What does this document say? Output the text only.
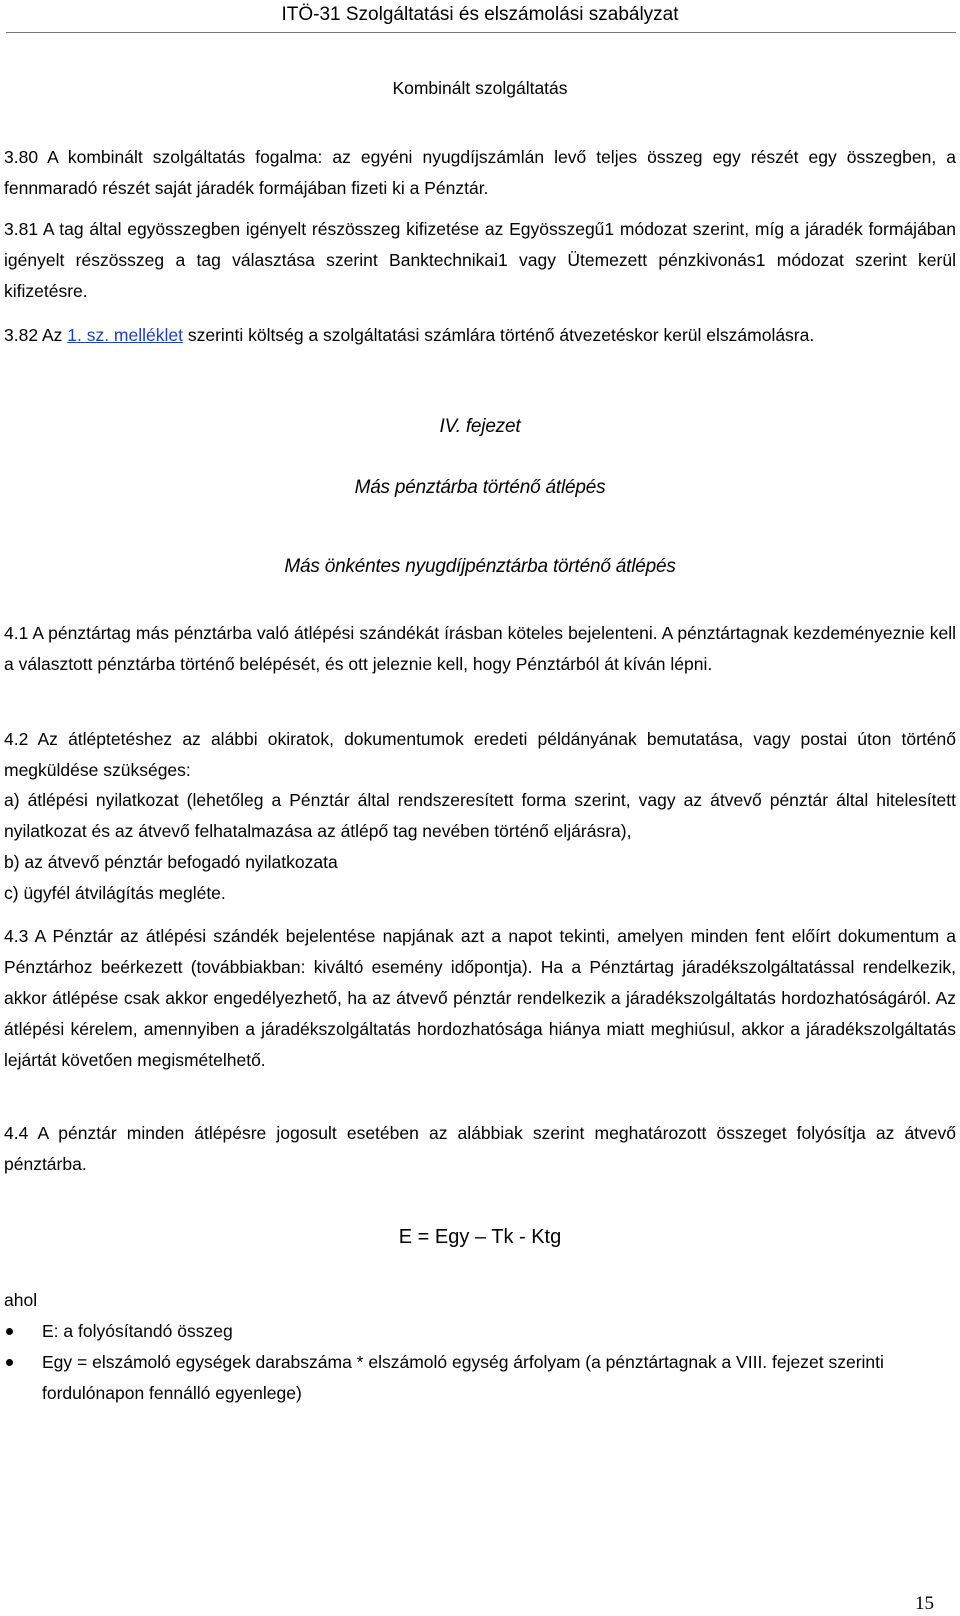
ITÖ-31 Szolgáltatási és elszámolási szabályzat
Kombinált szolgáltatás
3.80 A kombinált szolgáltatás fogalma: az egyéni nyugdíjszámlán levő teljes összeg egy részét egy összegben, a fennmaradó részét saját járadék formájában fizeti ki a Pénztár.
3.81 A tag által egyösszegben igényelt részösszeg kifizetése az Egyösszegű1 módozat szerint, míg a járadék formájában igényelt részösszeg a tag választása szerint Banktechnikai1 vagy Ütemezett pénzkivonás1 módozat szerint kerül kifizetésre.
3.82 Az 1. sz. melléklet szerinti költség a szolgáltatási számlára történő átvezetéskor kerül elszámolásra.
IV. fejezet
Más pénztárba történő átlépés
Más önkéntes nyugdíjpénztárba történő átlépés
4.1 A pénztártag más pénztárba való átlépési szándékát írásban köteles bejelenteni. A pénztártagnak kezdeményeznie kell a választott pénztárba történő belépését, és ott jeleznie kell, hogy Pénztárból át kíván lépni.
4.2 Az átléptetéshez az alábbi okiratok, dokumentumok eredeti példányának bemutatása, vagy postai úton történő megküldése szükséges:
a) átlépési nyilatkozat (lehetőleg a Pénztár által rendszeresített forma szerint, vagy az átvevő pénztár által hitelesített nyilatkozat és az átvevő felhatalmazása az átlépő tag nevében történő eljárásra),
b) az átvevő pénztár befogadó nyilatkozata
c) ügyfél átvilágítás megléte.
4.3 A Pénztár az átlépési szándék bejelentése napjának azt a napot tekinti, amelyen minden fent előírt dokumentum a Pénztárhoz beérkezett (továbbiakban: kiváltó esemény időpontja). Ha a Pénztártag járadékszolgáltatással rendelkezik, akkor átlépése csak akkor engedélyezhető, ha az átvevő pénztár rendelkezik a járadékszolgáltatás hordozhatóságáról. Az átlépési kérelem, amennyiben a járadékszolgáltatás hordozhatósága hiánya miatt meghiúsul, akkor a járadékszolgáltatás lejártát követően megismételhető.
4.4 A pénztár minden átlépésre jogosult esetében az alábbiak szerint meghatározott összeget folyósítja az átvevő pénztárba.
E = Egy – Tk - Ktg
ahol
E: a folyósítandó összeg
Egy = elszámoló egységek darabszáma * elszámoló egység árfolyam (a pénztártagnak a VIII. fejezet szerinti fordulónapon fennálló egyenlege)
15
